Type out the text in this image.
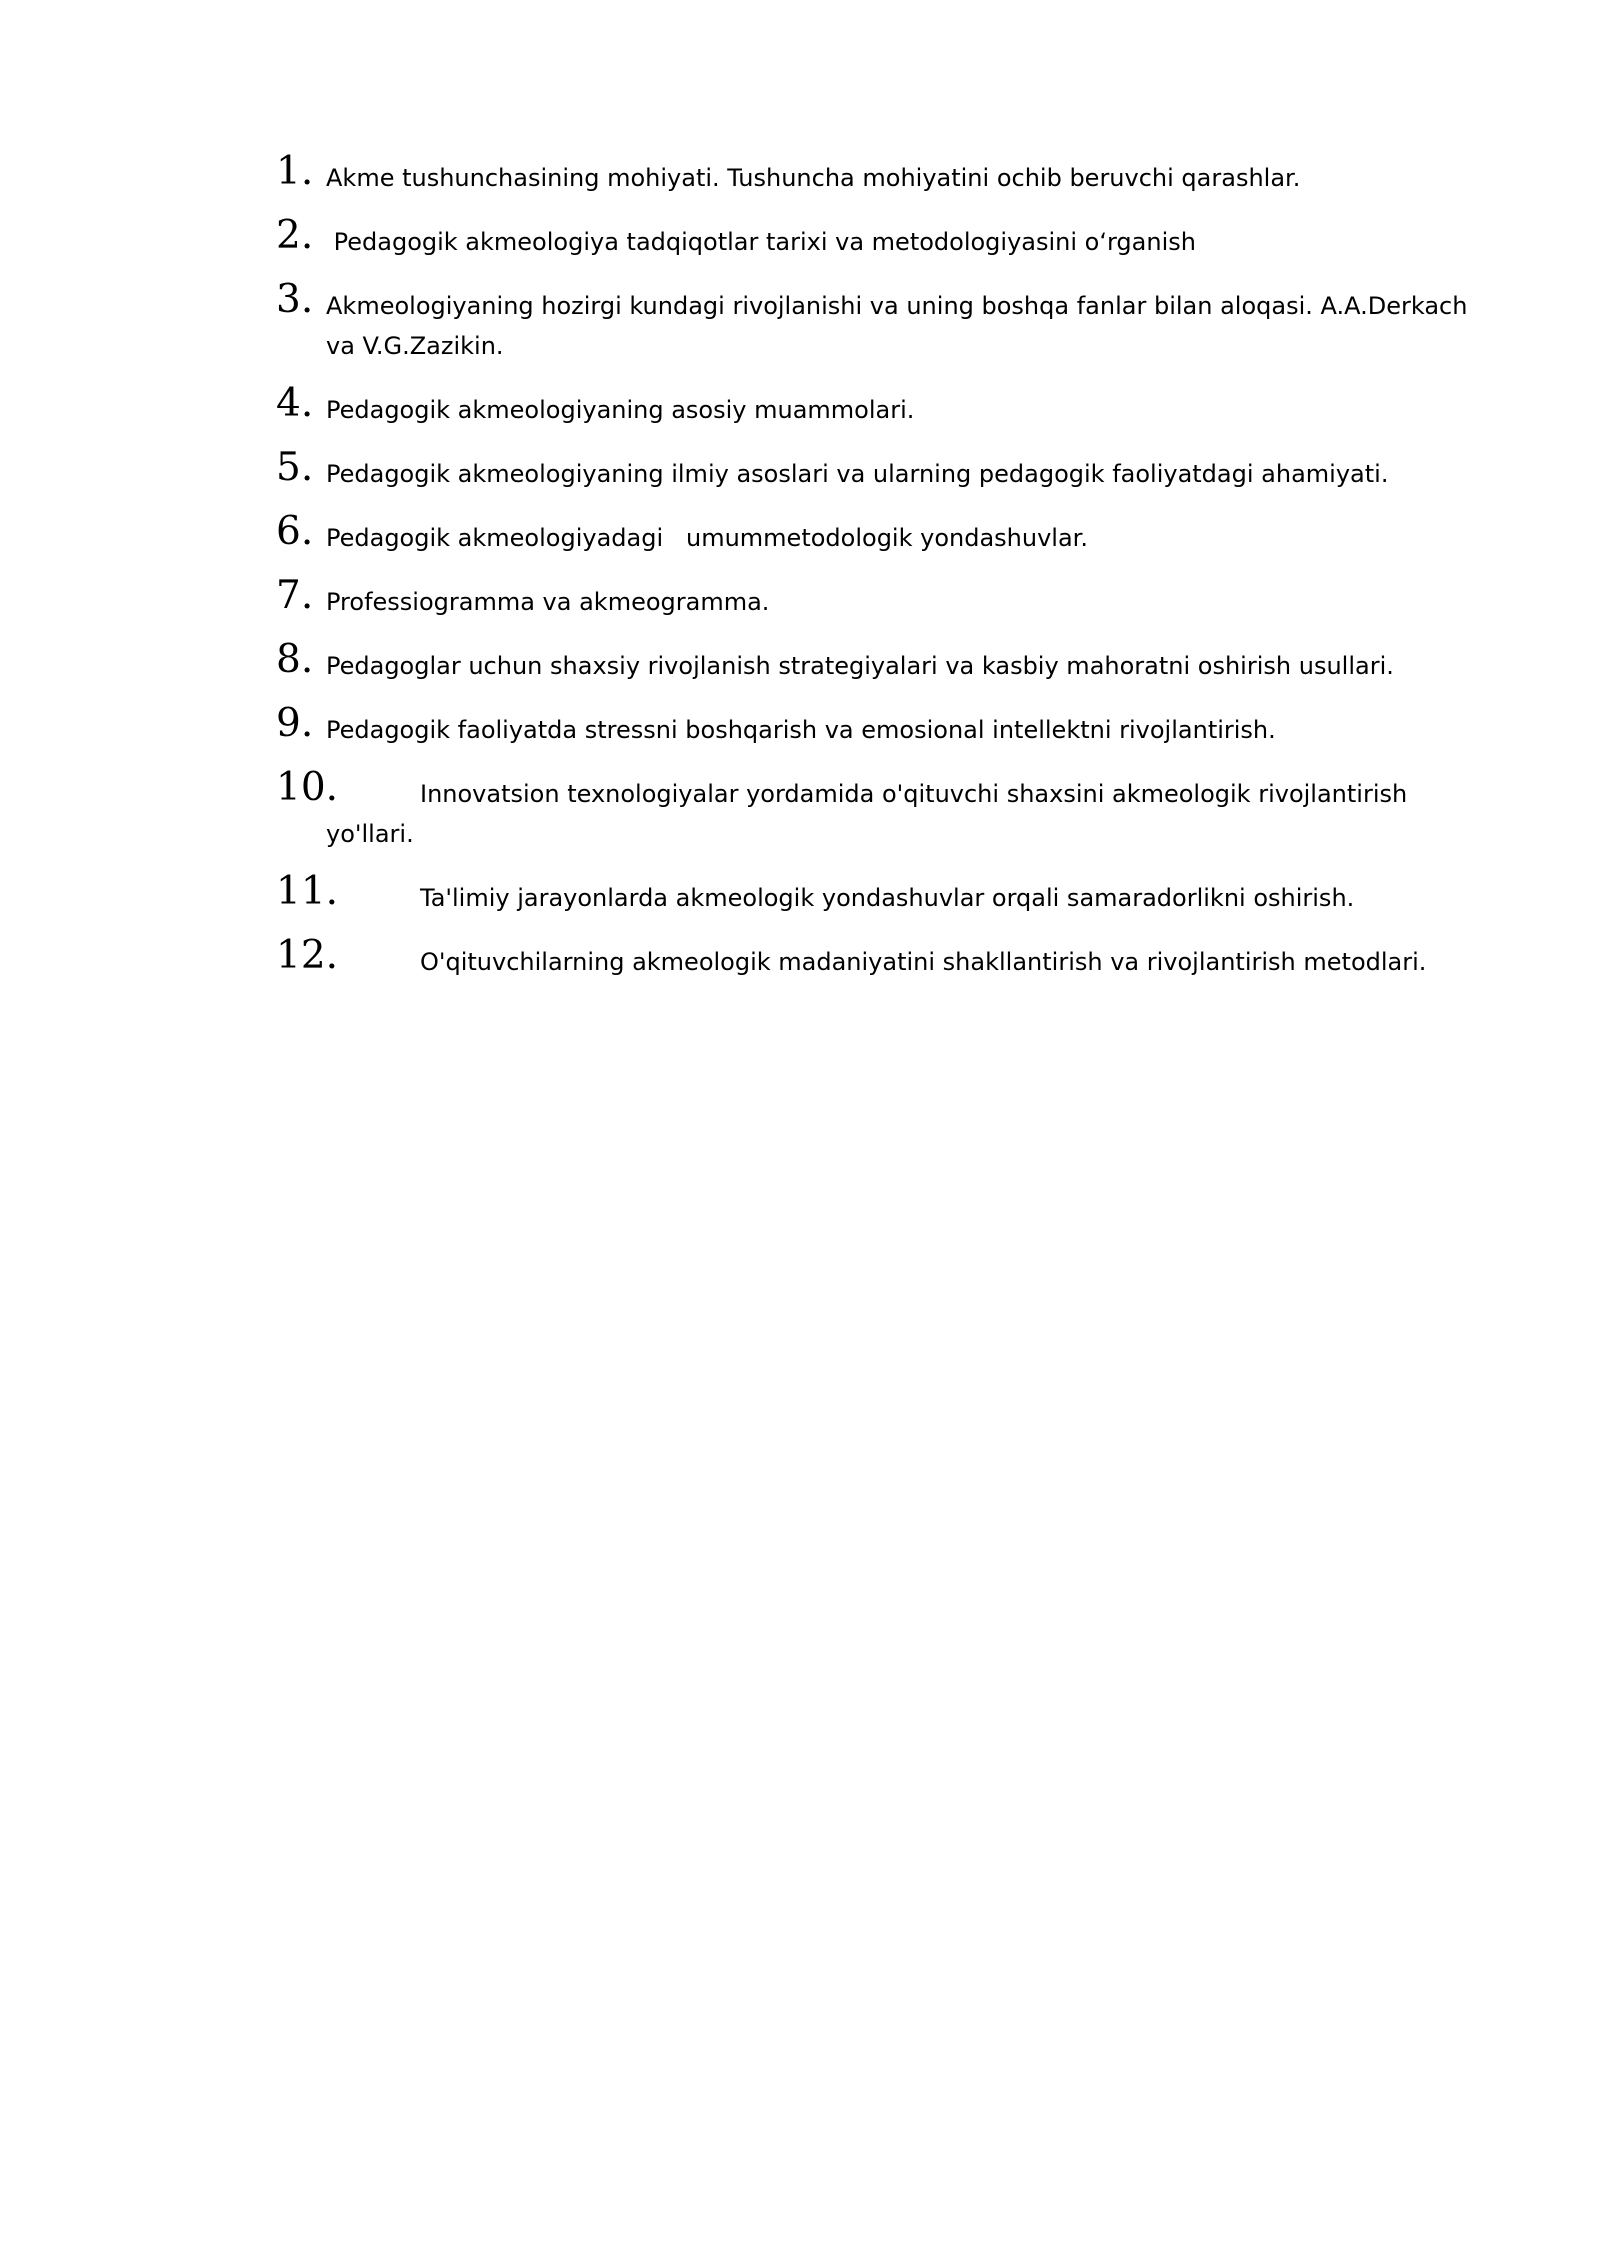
1. Akme tushunchasining mohiyati. Tushuncha mohiyatini ochib beruvchi qarashlar.
2. Pedagogik akmeologiya tadqiqotlar tarixi va metodologiyasini o‘rganish
3. Akmeologiyaning hozirgi kundagi rivojlanishi va uning boshqa fanlar bilan aloqasi. A.A.Derkach va V.G.Zazikin.
4. Pedagogik akmeologiyaning asosiy muammolari.
5. Pedagogik akmeologiyaning ilmiy asoslari va ularning pedagogik faoliyatdagi ahamiyati.
6. Pedagogik akmeologiyadagi   umummetodologik yondashuvlar.
7. Professiogramma va akmeogramma.
8. Pedagoglar uchun shaxsiy rivojlanish strategiyalari va kasbiy mahoratni oshirish usullari.
9. Pedagogik faoliyatda stressni boshqarish va emosional intellektni rivojlantirish.
10.	Innovatsion texnologiyalar yordamida o'qituvchi shaxsini akmeologik rivojlantirish
yo'llari.
11.	Ta'limiy jarayonlarda akmeologik yondashuvlar orqali samaradorlikni oshirish.
12.	O'qituvchilarning akmeologik madaniyatini shakllantirish va rivojlantirish metodlari.
